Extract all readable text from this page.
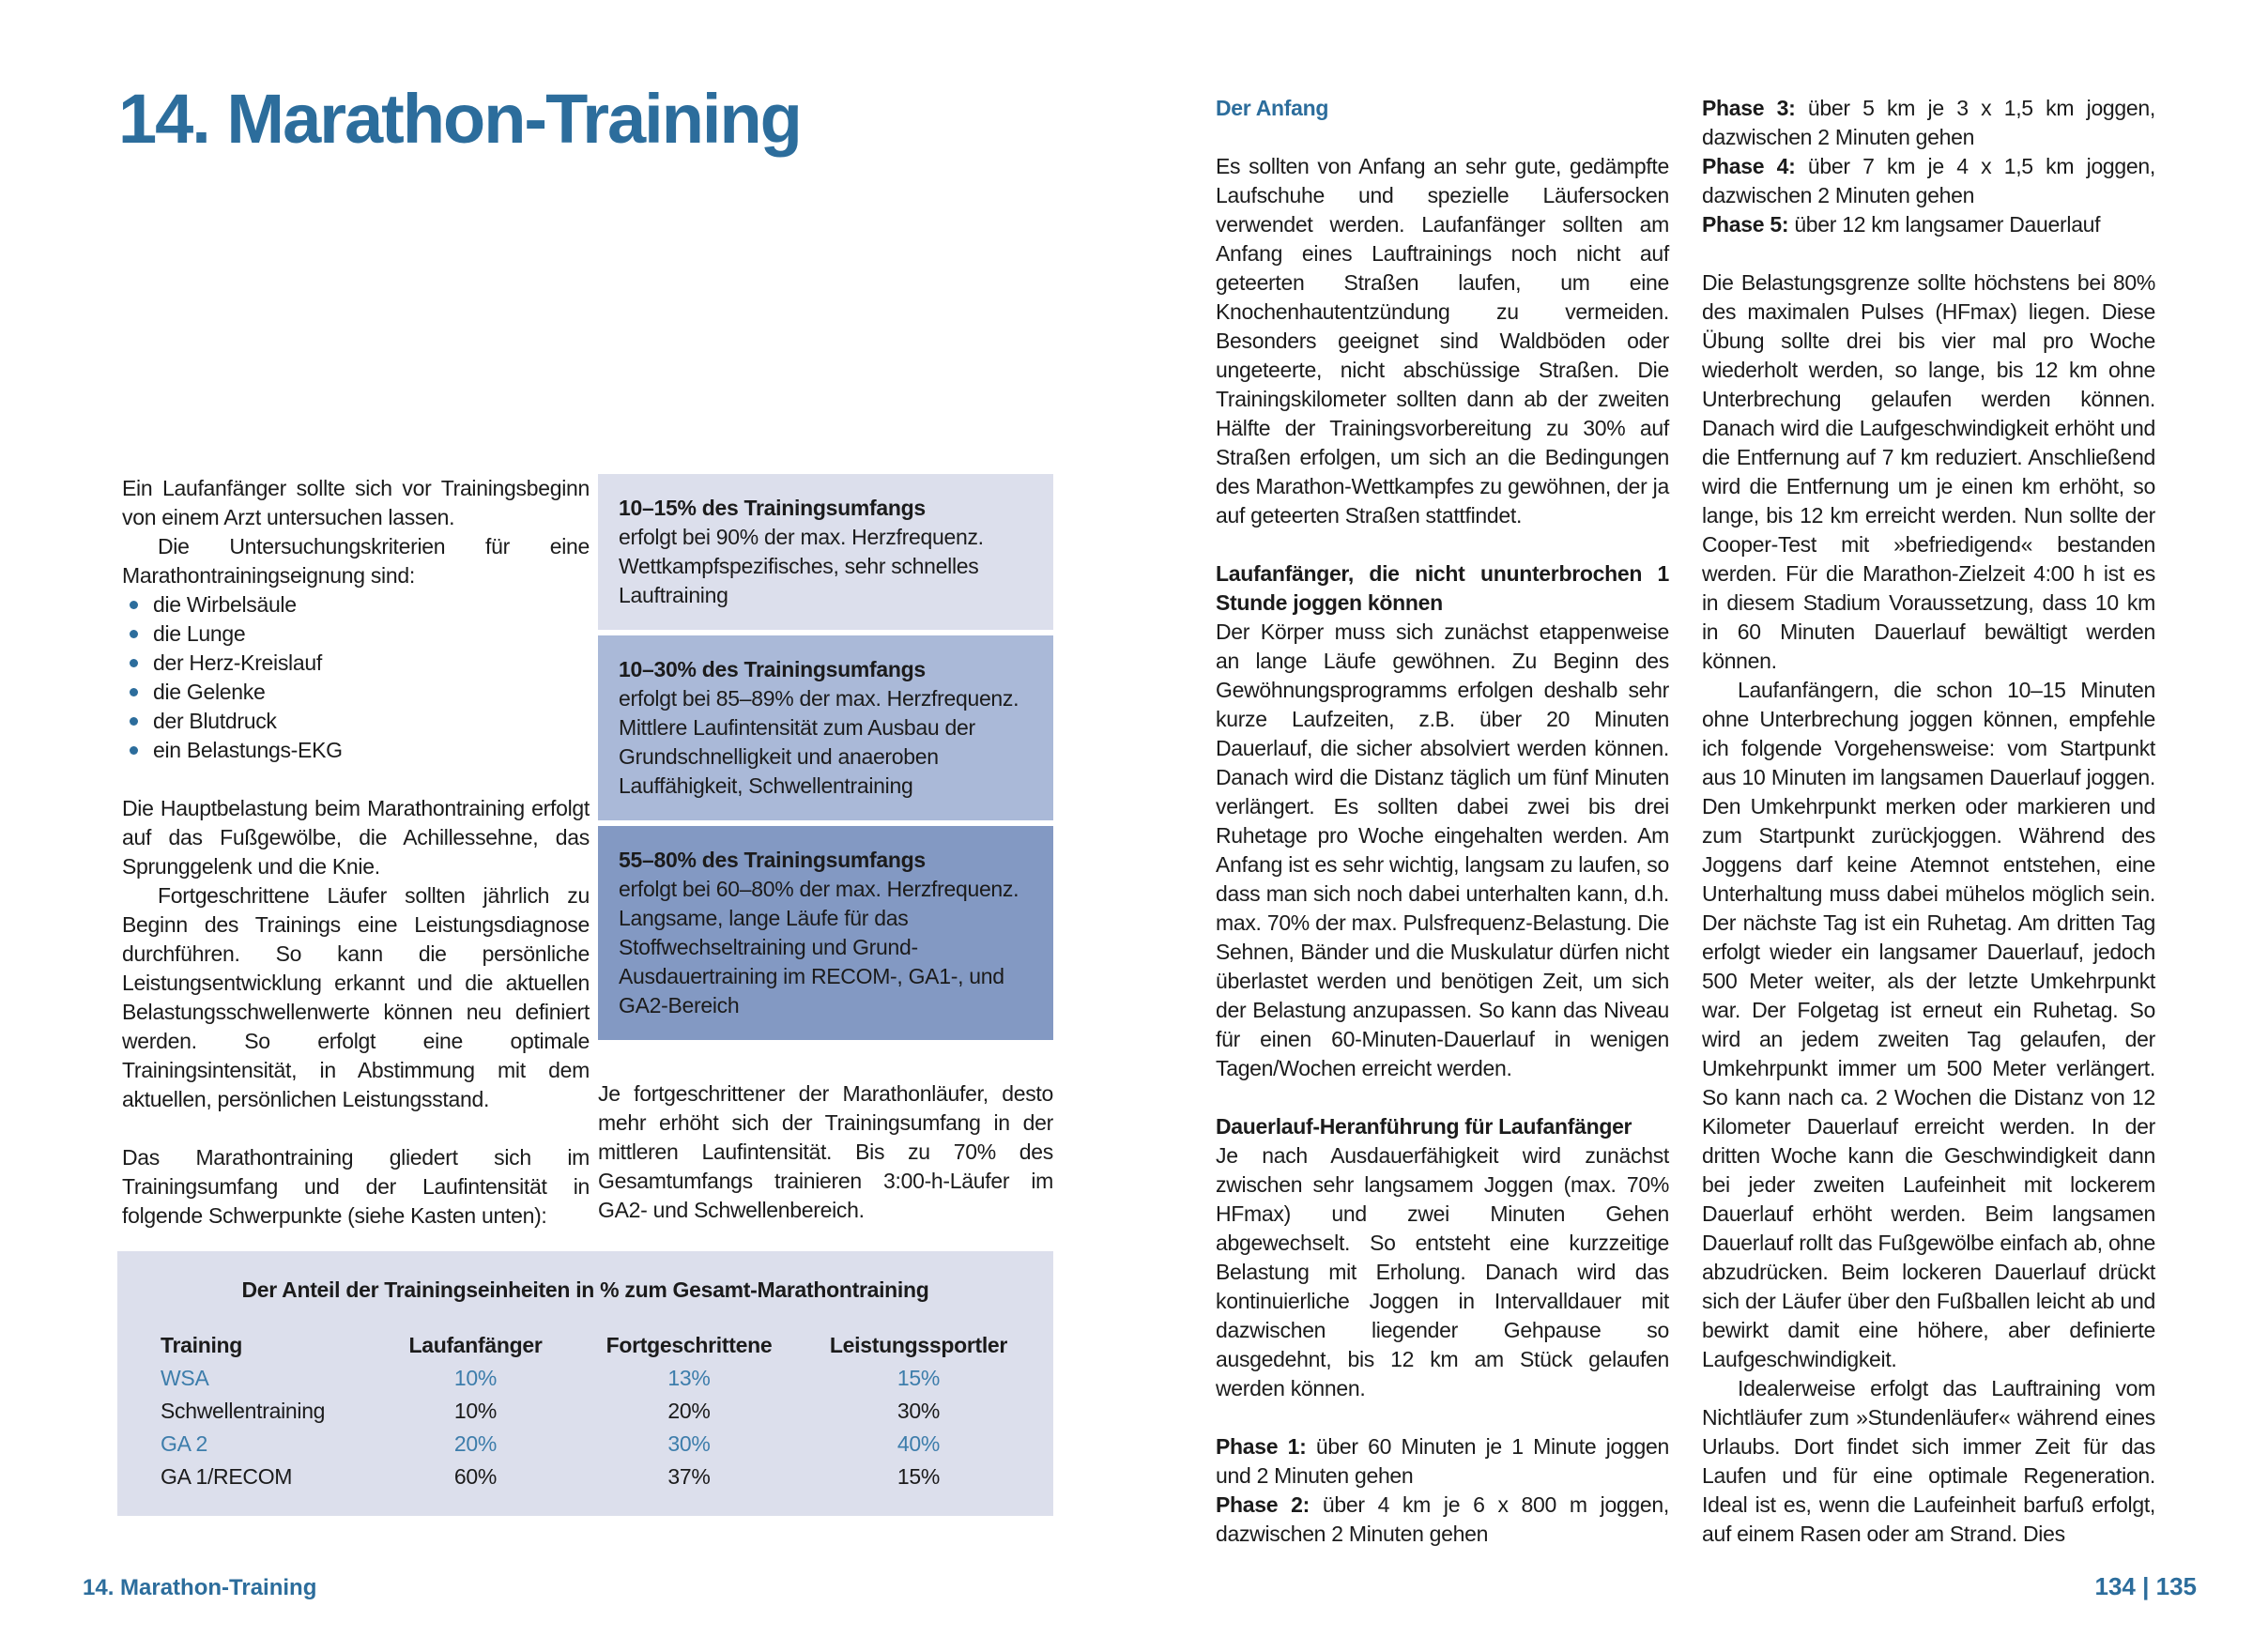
14. Marathon-Training

Ein Laufanfänger sollte sich vor Trainingsbeginn von einem Arzt untersuchen lassen.

Die Untersuchungskriterien für eine Marathontrainingseignung sind:

die Wirbelsäule
die Lunge
der Herz-Kreislauf
die Gelenke
der Blutdruck
ein Belastungs-EKG

Die Hauptbelastung beim Marathontraining erfolgt auf das Fußgewölbe, die Achillessehne, das Sprunggelenk und die Knie.

Fortgeschrittene Läufer sollten jährlich zu Beginn des Trainings eine Leistungsdiagnose durchführen. So kann die persönliche Leistungsentwicklung erkannt und die aktuellen Belastungsschwellenwerte können neu definiert werden. So erfolgt eine optimale Trainingsintensität, in Abstimmung mit dem aktuellen, persönlichen Leistungsstand.

Das Marathontraining gliedert sich im Trainingsumfang und der Laufintensität in folgende Schwerpunkte (siehe Kasten unten):

10–15% des Trainingsumfangs

erfolgt bei 90% der max. Herzfrequenz. Wettkampfspezifisches, sehr schnelles Lauftraining

10–30% des Trainingsumfangs

erfolgt bei 85–89% der max. Herzfrequenz. Mittlere Laufintensität zum Ausbau der Grundschnelligkeit und anaeroben Lauffähigkeit, Schwellentraining

55–80% des Trainingsumfangs

erfolgt bei 60–80% der max. Herzfrequenz. Langsame, lange Läufe für das Stoffwechseltraining und Grund-Ausdauertraining im RECOM-, GA1-, und GA2-Bereich

Je fortgeschrittener der Marathonläufer, desto mehr erhöht sich der Trainingsumfang in der mittleren Laufintensität. Bis zu 70% des Gesamtumfangs trainieren 3:00-h-Läufer im GA2- und Schwellenbereich.

Der Anteil der Trainingseinheiten in % zum Gesamt-Marathontraining
Training	Laufanfänger	Fortgeschrittene	Leistungssportler
WSA	10%	13%	15%
Schwellentraining	10%	20%	30%
GA 2	20%	30%	40%
GA 1/RECOM	60%	37%	15%
14. Marathon-Training

Der Anfang

Es sollten von Anfang an sehr gute, gedämpfte Laufschuhe und spezielle Läufersocken verwendet werden. Laufanfänger sollten am Anfang eines Lauftrainings noch nicht auf geteerten Straßen laufen, um eine Knochenhautentzündung zu vermeiden. Besonders geeignet sind Waldböden oder ungeteerte, nicht abschüssige Straßen. Die Trainingskilometer sollten dann ab der zweiten Hälfte der Trainingsvorbereitung zu 30% auf Straßen erfolgen, um sich an die Bedingungen des Marathon-Wettkampfes zu gewöhnen, der ja auf geteerten Straßen stattfindet.

Laufanfänger, die nicht ununterbrochen 1 Stunde joggen können

Der Körper muss sich zunächst etappenweise an lange Läufe gewöhnen. Zu Beginn des Gewöhnungsprogramms erfolgen deshalb sehr kurze Laufzeiten, z.B. über 20 Minuten Dauerlauf, die sicher absolviert werden können. Danach wird die Distanz täglich um fünf Minuten verlängert. Es sollten dabei zwei bis drei Ruhetage pro Woche eingehalten werden. Am Anfang ist es sehr wichtig, langsam zu laufen, so dass man sich noch dabei unterhalten kann, d.h. max. 70% der max. Pulsfrequenz-Belastung. Die Sehnen, Bänder und die Muskulatur dürfen nicht überlastet werden und benötigen Zeit, um sich der Belastung anzupassen. So kann das Niveau für einen 60-Minuten-Dauerlauf in wenigen Tagen/Wochen erreicht werden.

Dauerlauf-Heranführung für Laufanfänger

Je nach Ausdauerfähigkeit wird zunächst zwischen sehr langsamem Joggen (max. 70% HFmax) und zwei Minuten Gehen abgewechselt. So entsteht eine kurzzeitige Belastung mit Erholung. Danach wird das kontinuierliche Joggen in Intervalldauer mit dazwischen liegender Gehpause so ausgedehnt, bis 12 km am Stück gelaufen werden können.

Phase 1: über 60 Minuten je 1 Minute joggen und 2 Minuten gehen

Phase 2: über 4 km je 6 x 800 m joggen, dazwischen 2 Minuten gehen

Phase 3: über 5 km je 3 x 1,5 km joggen, dazwischen 2 Minuten gehen

Phase 4: über 7 km je 4 x 1,5 km joggen, dazwischen 2 Minuten gehen

Phase 5: über 12 km langsamer Dauerlauf

Die Belastungsgrenze sollte höchstens bei 80% des maximalen Pulses (HFmax) liegen. Diese Übung sollte drei bis vier mal pro Woche wiederholt werden, so lange, bis 12 km ohne Unterbrechung gelaufen werden können. Danach wird die Laufgeschwindigkeit erhöht und die Entfernung auf 7 km reduziert. Anschließend wird die Entfernung um je einen km erhöht, so lange, bis 12 km erreicht werden. Nun sollte der Cooper-Test mit »befriedigend« bestanden werden. Für die Marathon-Zielzeit 4:00 h ist es in diesem Stadium Voraussetzung, dass 10 km in 60 Minuten Dauerlauf bewältigt werden können.

Laufanfängern, die schon 10–15 Minuten ohne Unterbrechung joggen können, empfehle ich folgende Vorgehensweise: vom Startpunkt aus 10 Minuten im langsamen Dauerlauf joggen. Den Umkehrpunkt merken oder markieren und zum Startpunkt zurückjoggen. Während des Joggens darf keine Atemnot entstehen, eine Unterhaltung muss dabei mühelos möglich sein. Der nächste Tag ist ein Ruhetag. Am dritten Tag erfolgt wieder ein langsamer Dauerlauf, jedoch 500 Meter weiter, als der letzte Umkehrpunkt war. Der Folgetag ist erneut ein Ruhetag. So wird an jedem zweiten Tag gelaufen, der Umkehrpunkt immer um 500 Meter verlängert. So kann nach ca. 2 Wochen die Distanz von 12 Kilometer Dauerlauf erreicht werden. In der dritten Woche kann die Geschwindigkeit dann bei jeder zweiten Laufeinheit mit lockerem Dauerlauf erhöht werden. Beim langsamen Dauerlauf rollt das Fußgewölbe einfach ab, ohne abzudrücken. Beim lockeren Dauerlauf drückt sich der Läufer über den Fußballen leicht ab und bewirkt damit eine höhere, aber definierte Laufgeschwindigkeit.

Idealerweise erfolgt das Lauftraining vom Nichtläufer zum »Stundenläufer« während eines Urlaubs. Dort findet sich immer Zeit für das Laufen und für eine optimale Regeneration. Ideal ist es, wenn die Laufeinheit barfuß erfolgt, auf einem Rasen oder am Strand. Dies

134 | 135
